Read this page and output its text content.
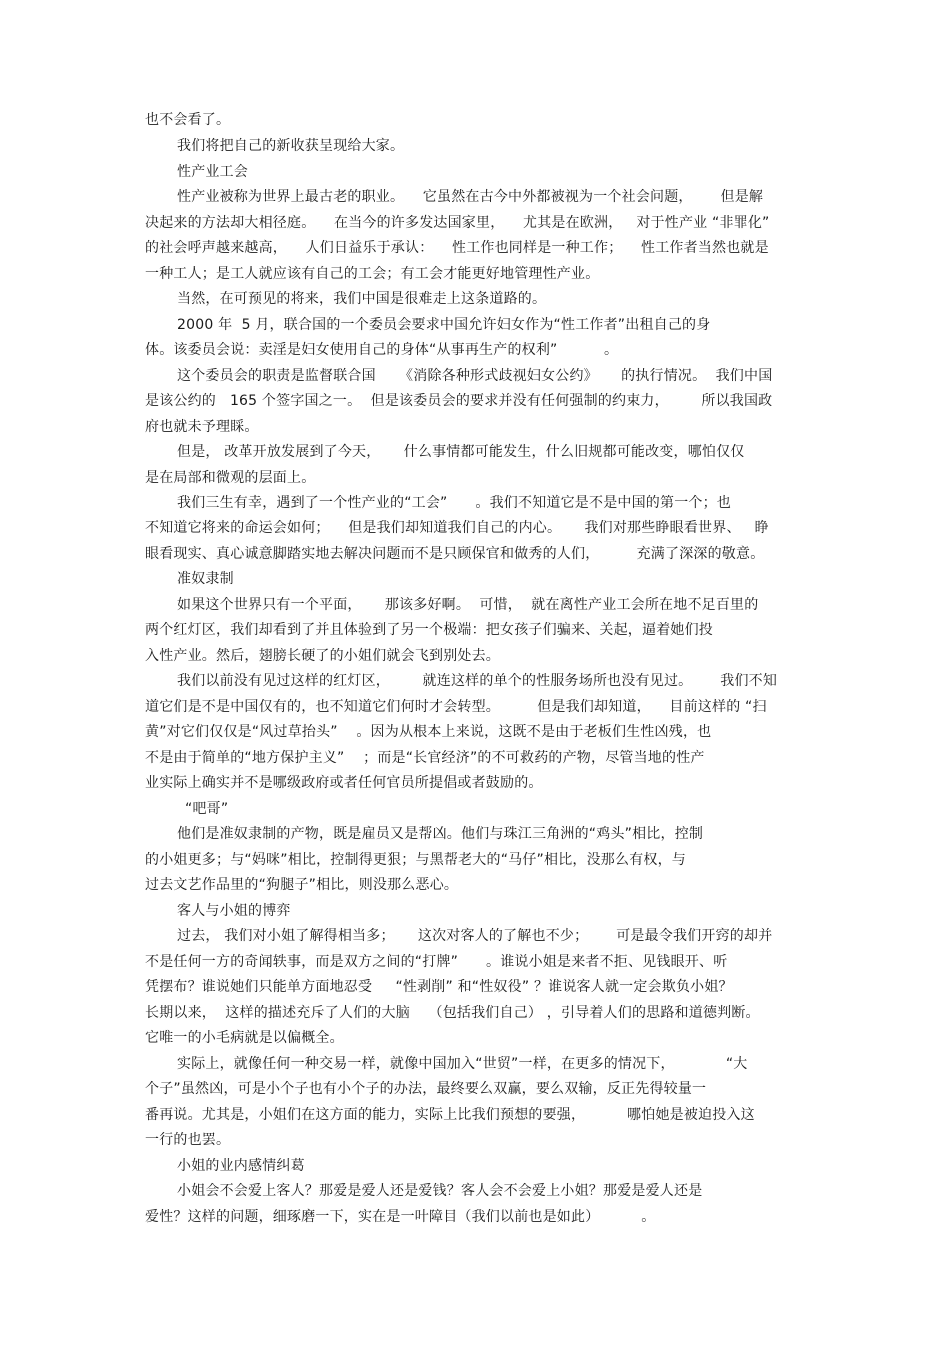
也不会看了。
我们将把自己的新收获呈现给大家。
性产业工会
性产业被称为世界上最古老的职业。    它虽然在古今中外都被视为一个社会问题，      但是解
决起来的方法却大相径庭。    在当今的许多发达国家里，    尤其是在欧洲，   对于性产业 “非罪化”
的社会呼声越来越高，    人们日益乐于承认：    性工作也同样是一种工作；    性工作者当然也就是
一种工人；是工人就应该有自己的工会；有工会才能更好地管理性产业。
当然，在可预见的将来，我们中国是很难走上这条道路的。
2000 年  5 月，联合国的一个委员会要求中国允许妇女作为“性工作者”出租自己的身
体。该委员会说：卖淫是妇女使用自己的身体“从事再生产的权利”          。
这个委员会的职责是监督联合国     《消除各种形式歧视妇女公约》     的执行情况。  我们中国
是该公约的   165 个签字国之一。  但是该委员会的要求并没有任何强制的约束力，       所以我国政
府也就未予理睬。
但是， 改革开放发展到了今天，     什么事情都可能发生，什么旧规都可能改变，哪怕仅仅
是在局部和微观的层面上。
我们三生有幸，遇到了一个性产业的“工会”      。我们不知道它是不是中国的第一个；也
不知道它将来的命运会如何；    但是我们却知道我们自己的内心。     我们对那些睁眼看世界、   睁
眼看现实、真心诚意脚踏实地去解决问题而不是只顾保官和做秀的人们，        充满了深深的敬意。
准奴隶制
如果这个世界只有一个平面，     那该多好啊。  可惜，  就在离性产业工会所在地不足百里的
两个红灯区，我们却看到了并且体验到了另一个极端：把女孩子们骗来、关起，逼着她们投
入性产业。然后，翅膀长硬了的小姐们就会飞到别处去。
我们以前没有见过这样的红灯区，       就连这样的单个的性服务场所也没有见过。      我们不知
道它们是不是中国仅有的，也不知道它们何时才会转型。        但是我们却知道，    目前这样的 “扫
黄”对它们仅仅是“风过草抬头”    。因为从根本上来说，这既不是由于老板们生性凶残，也
不是由于简单的“地方保护主义”    ；而是“长官经济”的不可救药的产物，尽管当地的性产
业实际上确实并不是哪级政府或者任何官员所提倡或者鼓励的。
“吧哥”
他们是准奴隶制的产物，既是雇员又是帮凶。他们与珠江三角洲的“鸡头”相比，控制
的小姐更多；与“妈咪”相比，控制得更狠；与黑帮老大的“马仔”相比，没那么有权，与
过去文艺作品里的“狗腿子”相比，则没那么恶心。
客人与小姐的博弈
过去， 我们对小姐了解得相当多；     这次对客人的了解也不少；      可是最令我们开窍的却并
不是任何一方的奇闻轶事，而是双方之间的“打牌”      。谁说小姐是来者不拒、见钱眼开、听
凭摆布？谁说她们只能单方面地忍受     “性剥削” 和“性奴役” ？谁说客人就一定会欺负小姐？
长期以来，  这样的描述充斥了人们的大脑    （包括我们自己） ，引导着人们的思路和道德判断。
它唯一的小毛病就是以偏概全。
实际上，就像任何一种交易一样，就像中国加入“世贸”一样，在更多的情况下，           “大
个子”虽然凶，可是小个子也有小个子的办法，最终要么双赢，要么双输，反正先得较量一
番再说。尤其是，小姐们在这方面的能力，实际上比我们预想的要强，         哪怕她是被迫投入这
一行的也罢。
小姐的业内感情纠葛
小姐会不会爱上客人？那爱是爱人还是爱钱？客人会不会爱上小姐？那爱是爱人还是
爱性？这样的问题，细琢磨一下，实在是一叶障目（我们以前也是如此）         。
